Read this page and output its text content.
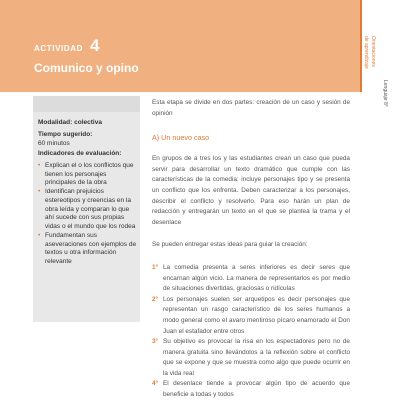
ACTIVIDAD 4
Comunico y opino
Orientaciones
de aprendizaje
Lenguaje 8°
Modalidad: colectiva
Tiempo sugerido:
60 minutos
Indicadores de evaluación:
• Explican el o los conflictos que tienen los personajes principales de la obra
• Identifican prejuicios estereotipos y creencias en la obra leída y comparan lo que ahí sucede con sus propias vidas o el mundo que los rodea
• Fundamentan sus aseveraciones con ejemplos de textos u otra información relevante

Esta etapa se divide en dos partes: creación de un caso y sesión de opinión

A) Un nuevo caso

En grupos de a tres los y las estudiantes crean un caso que pueda servir para desarrollar un texto dramático que cumple con las características de la comedia: incluye personajes tipo y se presenta un conflicto que los enfrenta. Deben caracterizar a los personajes, describir el conflicto y resolverlo. Para eso harán un plan de redacción y entregarán un texto en el que se plantea la trama y el desenlace

Se pueden entregar estas ideas para guiar la creación:

1° La comedia presenta a seres inferiores es decir seres que encarnan algún vicio. La manera de representarlos es por medio de situaciones divertidas, graciosas o ridículas
2° Los personajes suelen ser arquetipos es decir personajes que representan un rasgo característico de los seres humanos a modo general como el avaro mentiroso pícaro enamorado el Don Juan el estafador entre otros
3° Su objetivo es provocar la risa en los espectadores pero no de manera gratuita sino llevándolos a la reflexión sobre el conflicto que se expone y que se muestra como algo que puede ocurrir en la vida real
4° El desenlace tiende a provocar algún tipo de acuerdo que beneficie a todas y todos
